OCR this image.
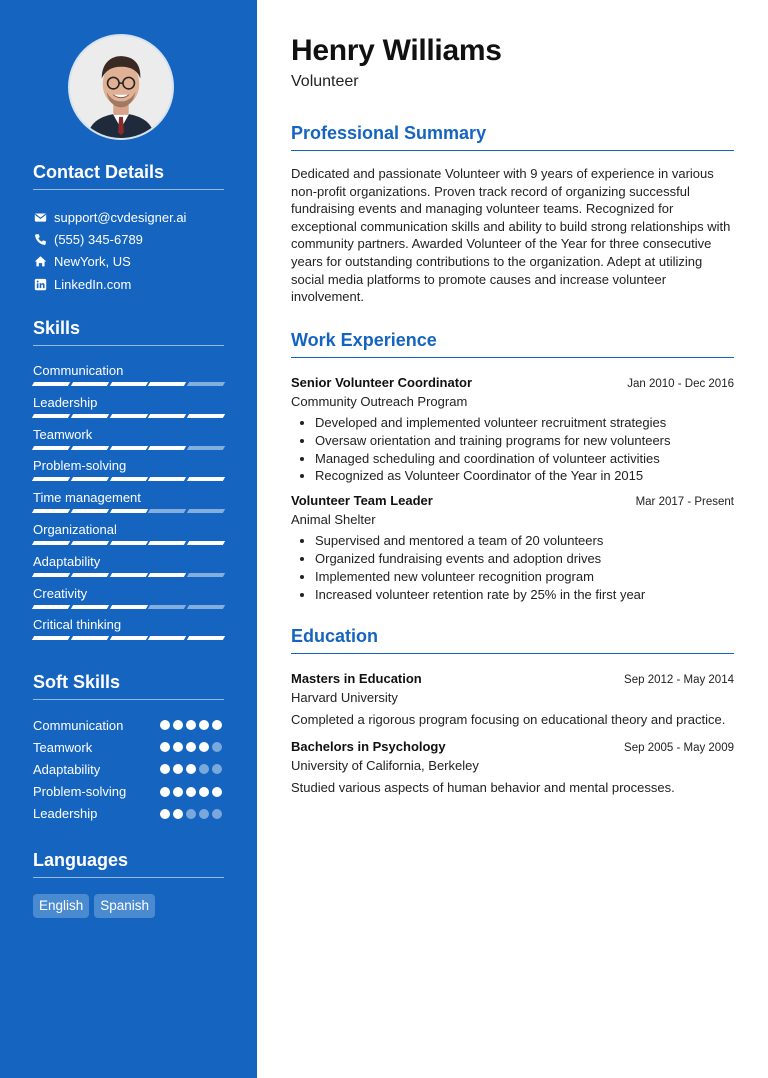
Contact Details
support@cvdesigner.ai
(555) 345-6789
NewYork, US
LinkedIn.com
Skills
Communication
Leadership
Teamwork
Problem-solving
Time management
Organizational
Adaptability
Creativity
Critical thinking
Soft Skills
Communication
Teamwork
Adaptability
Problem-solving
Leadership
Languages
English	Spanish
Henry Williams

Volunteer

Professional Summary

Dedicated and passionate Volunteer with 9 years of experience in various non-profit organizations. Proven track record of organizing successful fundraising events and managing volunteer teams. Recognized for exceptional communication skills and ability to build strong relationships with community partners. Awarded Volunteer of the Year for three consecutive years for outstanding contributions to the organization. Adept at utilizing social media platforms to promote causes and increase volunteer involvement.

Work Experience
Senior Volunteer Coordinator	Jan 2010 - Dec 2016
Community Outreach Program
• Developed and implemented volunteer recruitment strategies
• Oversaw orientation and training programs for new volunteers
• Managed scheduling and coordination of volunteer activities
• Recognized as Volunteer Coordinator of the Year in 2015
Volunteer Team Leader	Mar 2017 - Present
Animal Shelter
• Supervised and mentored a team of 20 volunteers
• Organized fundraising events and adoption drives
• Implemented new volunteer recognition program
• Increased volunteer retention rate by 25% in the first year
Education
Masters in Education	Sep 2012 - May 2014
Harvard University

Completed a rigorous program focusing on educational theory and practice.

Bachelors in Psychology	Sep 2005 - May 2009
University of California, Berkeley

Studied various aspects of human behavior and mental processes.
